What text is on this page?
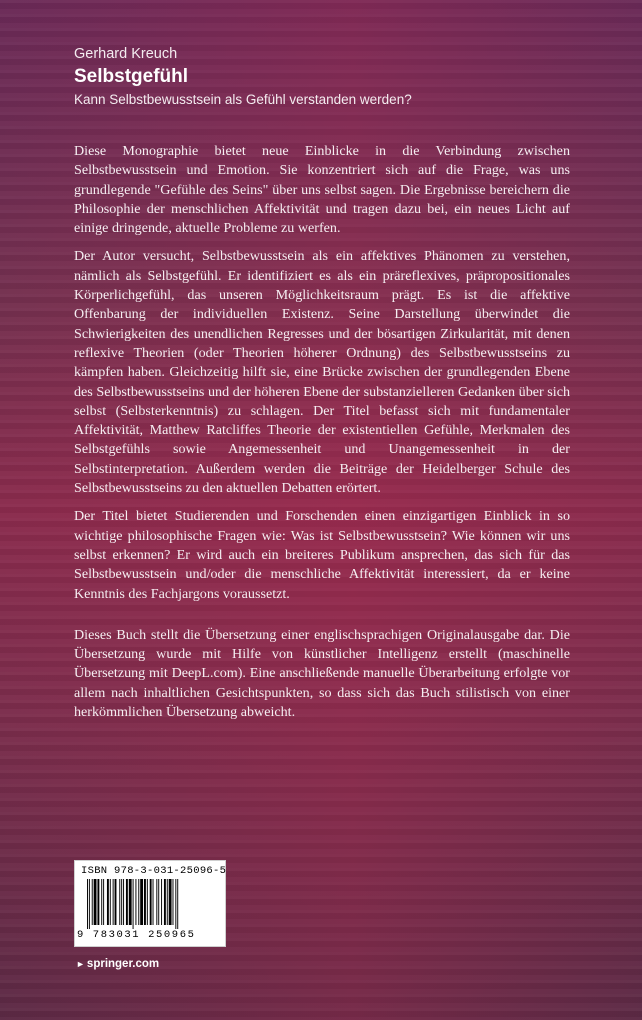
Gerhard Kreuch
Selbstgefühl
Kann Selbstbewusstsein als Gefühl verstanden werden?

Diese Monographie bietet neue Einblicke in die Verbindung zwischen Selbstbewusstsein und Emotion. Sie konzentriert sich auf die Frage, was uns grundlegende "Gefühle des Seins" über uns selbst sagen. Die Ergebnisse bereichern die Philosophie der menschlichen Affektivität und tragen dazu bei, ein neues Licht auf einige dringende, aktuelle Probleme zu werfen.

Der Autor versucht, Selbstbewusstsein als ein affektives Phänomen zu verstehen, nämlich als Selbstgefühl. Er identifiziert es als ein präreflexives, präpropositionales Körperlichgefühl, das unseren Möglichkeitsraum prägt. Es ist die affektive Offenbarung der individuellen Existenz. Seine Darstellung überwindet die Schwierigkeiten des unendlichen Regresses und der bösartigen Zirkularität, mit denen reflexive Theorien (oder Theorien höherer Ordnung) des Selbstbewusstseins zu kämpfen haben. Gleichzeitig hilft sie, eine Brücke zwischen der grundlegenden Ebene des Selbstbewusstseins und der höheren Ebene der substanzielleren Gedanken über sich selbst (Selbsterkenntnis) zu schlagen. Der Titel befasst sich mit fundamentaler Affektivität, Matthew Ratcliffes Theorie der existentiellen Gefühle, Merkmalen des Selbstgefühls sowie Angemessenheit und Unangemessenheit in der Selbstinterpretation. Außerdem werden die Beiträge der Heidelberger Schule des Selbstbewusstseins zu den aktuellen Debatten erörtert.

Der Titel bietet Studierenden und Forschenden einen einzigartigen Einblick in so wichtige philosophische Fragen wie: Was ist Selbstbewusstsein? Wie können wir uns selbst erkennen? Er wird auch ein breiteres Publikum ansprechen, das sich für das Selbstbewusstsein und/oder die menschliche Affektivität interessiert, da er keine Kenntnis des Fachjargons voraussetzt.

Dieses Buch stellt die Übersetzung einer englischsprachigen Originalausgabe dar. Die Übersetzung wurde mit Hilfe von künstlicher Intelligenz erstellt (maschinelle Übersetzung mit DeepL.com). Eine anschließende manuelle Überarbeitung erfolgte vor allem nach inhaltlichen Gesichtspunkten, so dass sich das Buch stilistisch von einer herkömmlichen Übersetzung abweicht.

ISBN 978-3-031-25096-5
9 783031 250965
► springer.com
